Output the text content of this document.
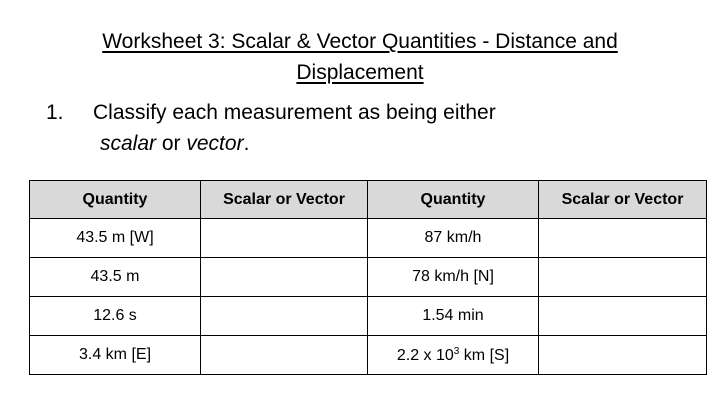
Worksheet 3: Scalar & Vector Quantities - Distance and
Displacement
1. Classify each measurement as being either
scalar or vector.
Quantity	Scalar or Vector	Quantity	Scalar or Vector
43.5 m [W]		87 km/h	
43.5 m		78 km/h [N]	
12.6 s		1.54 min	
3.4 km [E]		2.2 x $10^3$ km [S]	
